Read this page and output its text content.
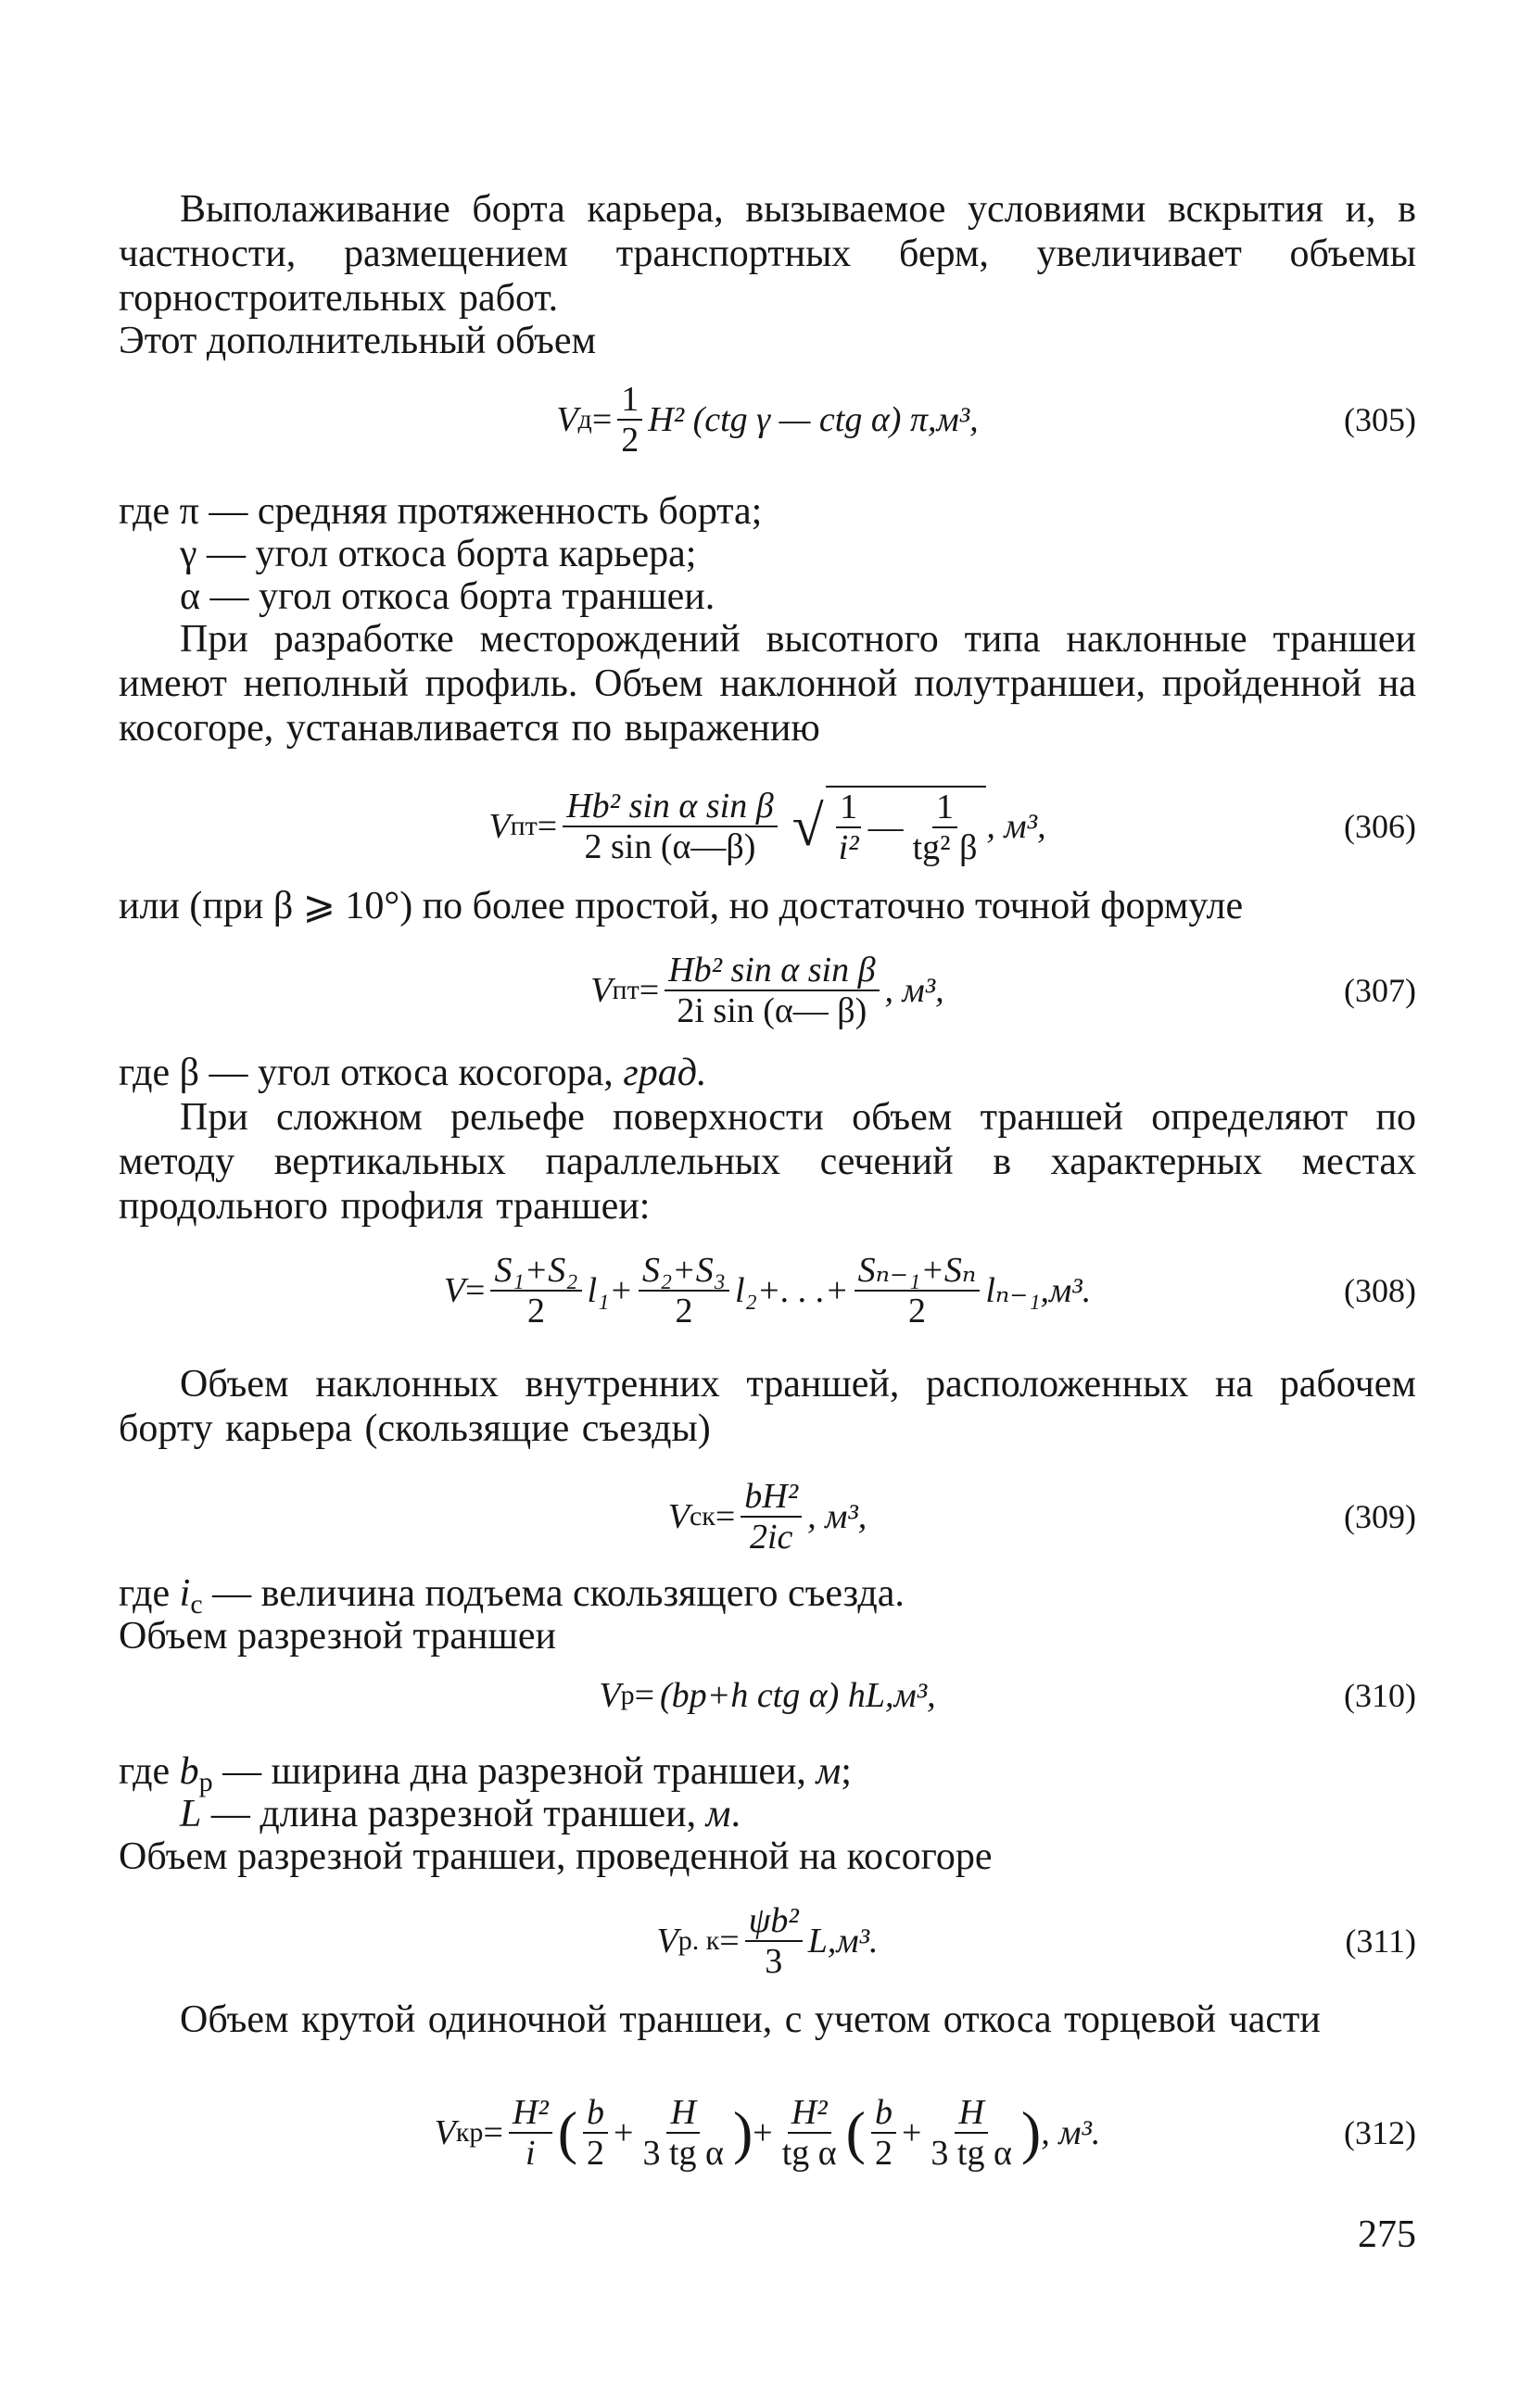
Выполаживание борта карьера, вызываемое условиями вскрытия и, в частности, размещением транспортных берм, увеличивает объемы горностроительных работ.

Этот дополнительный объем
V $д = \frac{1}{2} H^2$ (ctg γ — ctg α) π, м³,	(305)
где π — средняя протяженность борта;
γ — угол откоса борта карьера;
α — угол откоса борта траншеи.

При разработке месторождений высотного типа наклонные траншеи имеют неполный профиль. Объем наклонной полутраншеи, пройденной на косогоре, устанавливается по выражению

V пт = $\frac{\text{Hb² sin α sin β}}{2 \sin (\alpha—\beta)}$ √ $\frac{1}{\text{i²}}$ — $\frac{1}{\text{tg² β}}$ , м³,	(306)
или (при β ⩾ 10°) по более простой, но достаточно точной формуле
V пт = $\frac{\text{Hb² sin α sin β}}{\text{2i sin (α— β)}}$ , м³,	(307)
где β — угол откоса косогора, град.

При сложном рельефе поверхности объем траншей определяют по методу вертикальных параллельных сечений в характерных местах продольного профиля траншеи:

$V = \frac{\text{S₁+S₂}}{2} l_1+ \frac{\text{S₂+S₃}}{2} l_2+$. . .+ $\frac{\text{Sₙ₋₁+Sₙ}}{2} l_{n-1}$, м³.	(308)

Объем наклонных внутренних траншей, расположенных на рабочем борту карьера (скользящие съезды)

V ск = $\frac{\text{bH²}}{2iс}$ , м³,	(309)
где $i_с$ — величина подъема скользящего съезда.
Объем разрезной траншеи
V р = (bр+h ctg α) hL, м³,	(310)
где $b_р$ — ширина дна разрезной траншеи, м;
L — длина разрезной траншеи, м.
Объем разрезной траншеи, проведенной на косогоре
V р. $к = \frac{\text{ψb²}}{3} L$, м³.	(311)

Объем крутой одиночной траншеи, с учетом откоса торцевой части

V кр = $\frac{\text{H²}}{i}$ ( $\frac{b}{2} + \frac{H}{\text{3 tg α}}$ ) + $\frac{\text{H²}}{\text{tg α}}$ ( $\frac{b}{2} + \frac{H}{\text{3 tg α}}$ ) , м³.	(312)
275
